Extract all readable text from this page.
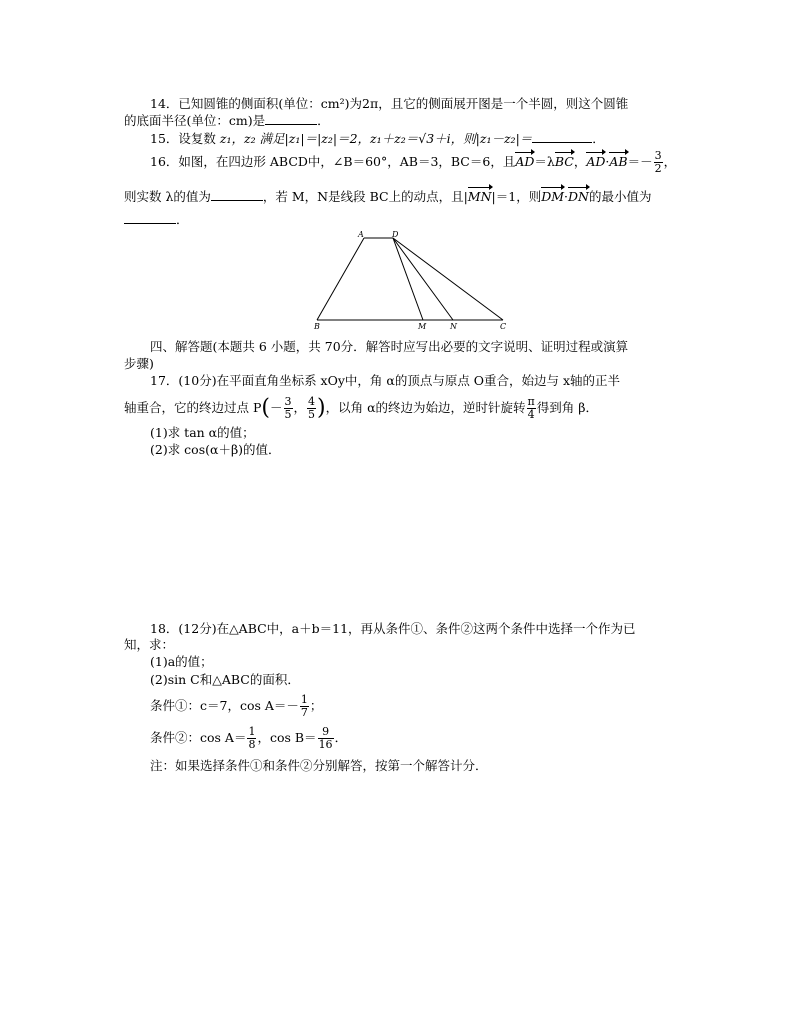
14．已知圆锥的侧面积(单位：cm²)为2π，且它的侧面展开图是一个半圆，则这个圆锥
的底面半径(单位：cm)是	．
15．设复数 z₁，z₂ 满足|z₁|＝|z₂|＝2，z₁＋z₂＝√3＋i，则|z₁－z₂|＝	．
16．如图，在四边形 ABCD中，∠B＝60°，AB＝3，BC＝6，且AD＝λBC，$AD\cdot AB=- \frac{3}{2}$ ，
则实数 λ的值为	，若 M，N是线段 BC上的动点，且|MN|＝1，则DM·DN的最小值为
．
A	D
B	M	N	C
四、解答题(本题共 6 小题，共 70分．解答时应写出必要的文字说明、证明过程或演算
步骤)
17．(10分)在平面直角坐标系 xOy中，角 α的顶点与原点 O重合，始边与 x轴的正半
轴重合，它的终边过点 $P(- \frac{3}{5}$ ， $\frac{4}{5}$ )，以角 α的终边为始边，逆时针旋转 $\frac{\pi}{4}$ 得到角 β．
(1)求 tan α的值；
(2)求 cos(α＋β)的值．
18．(12分)在△ABC中，a＋b＝11，再从条件①、条件②这两个条件中选择一个作为已
知，求：
(1)a的值；
(2)sin C和△ABC的面积．
条件①：c＝7，$\cos A=- \frac{1}{7}$ ；
条件②：$\cos A= \frac{1}{8}$ ，$\cos B= \frac{9}{16}$ ．
注：如果选择条件①和条件②分别解答，按第一个解答计分．
